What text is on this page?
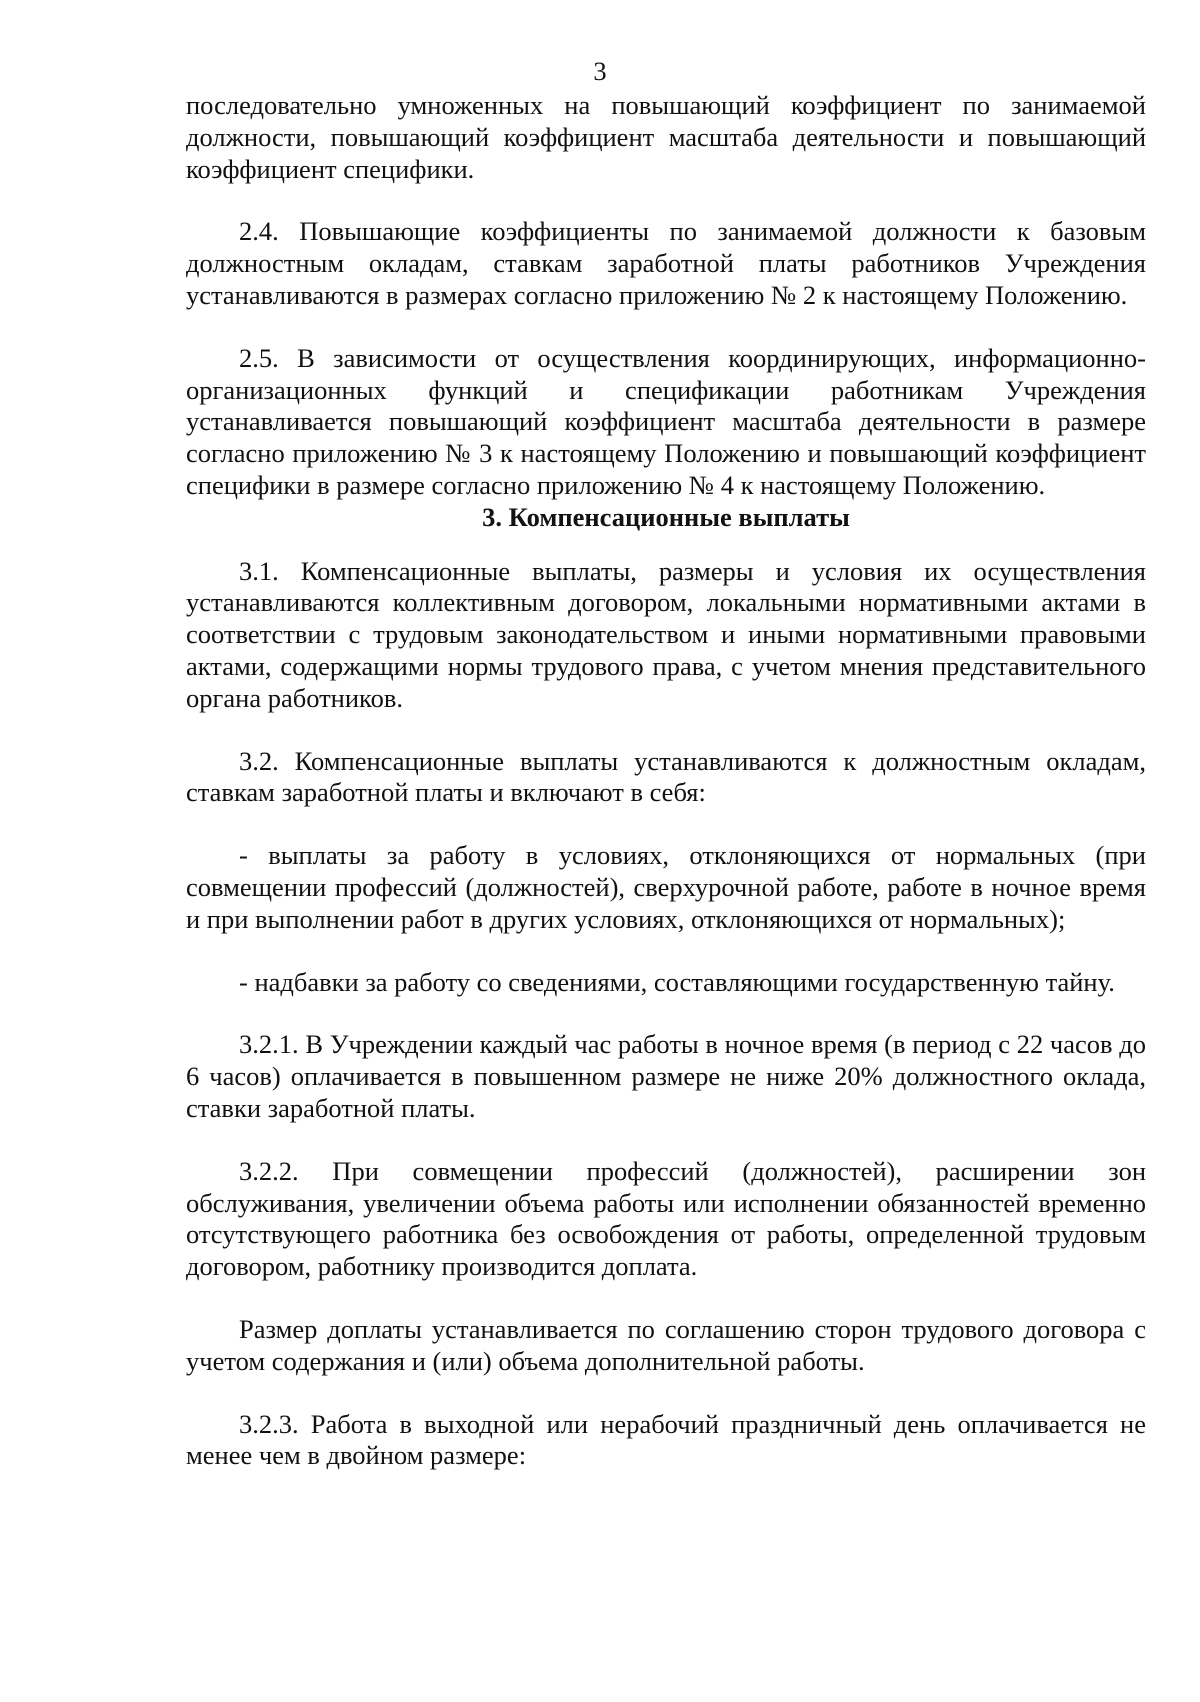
3

последовательно умноженных на повышающий коэффициент по занимаемой должности, повышающий коэффициент масштаба деятельности и повышающий коэффициент специфики.

2.4. Повышающие коэффициенты по занимаемой должности к базовым должностным окладам, ставкам заработной платы работников Учреждения устанавливаются в размерах согласно приложению № 2 к настоящему Положению.

2.5. В зависимости от осуществления координирующих, информационно-организационных функций и спецификации работникам Учреждения устанавливается повышающий коэффициент масштаба деятельности в размере согласно приложению № 3 к настоящему Положению и повышающий коэффициент специфики в размере согласно приложению № 4 к настоящему Положению.

3. Компенсационные выплаты

3.1. Компенсационные выплаты, размеры и условия их осуществления устанавливаются коллективным договором, локальными нормативными актами в соответствии с трудовым законодательством и иными нормативными правовыми актами, содержащими нормы трудового права, с учетом мнения представительного органа работников.

3.2. Компенсационные выплаты устанавливаются к должностным окладам, ставкам заработной платы и включают в себя:

- выплаты за работу в условиях, отклоняющихся от нормальных (при совмещении профессий (должностей), сверхурочной работе, работе в ночное время и при выполнении работ в других условиях, отклоняющихся от нормальных);

- надбавки за работу со сведениями, составляющими государственную тайну.

3.2.1. В Учреждении каждый час работы в ночное время (в период с 22 часов до 6 часов) оплачивается в повышенном размере не ниже 20% должностного оклада, ставки заработной платы.

3.2.2. При совмещении профессий (должностей), расширении зон обслуживания, увеличении объема работы или исполнении обязанностей временно отсутствующего работника без освобождения от работы, определенной трудовым договором, работнику производится доплата.

Размер доплаты устанавливается по соглашению сторон трудового договора с учетом содержания и (или) объема дополнительной работы.

3.2.3. Работа в выходной или нерабочий праздничный день оплачивается не менее чем в двойном размере:
